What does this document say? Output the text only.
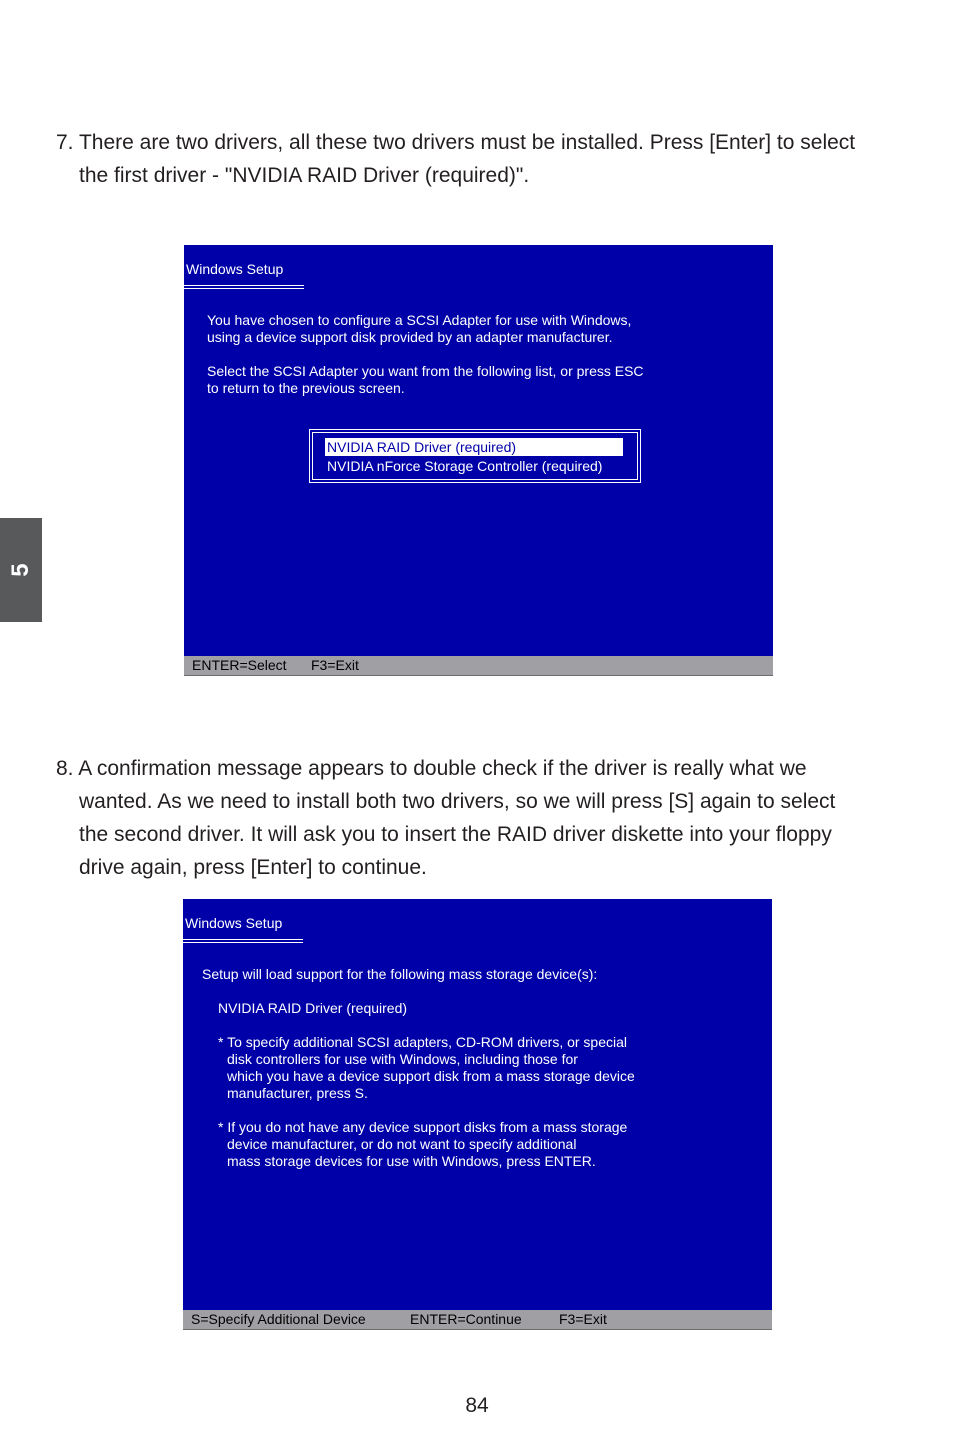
5
7. There are two drivers, all these two drivers must be installed. Press [Enter] to select
the first driver - "NVIDIA RAID Driver (required)".
Windows Setup
You have chosen to configure a SCSI Adapter for use with Windows,
using a device support disk provided by an adapter manufacturer.
Select the SCSI Adapter you want from the following list, or press ESC
to return to the previous screen.
NVIDIA RAID Driver (required)
NVIDIA nForce Storage Controller (required)
ENTER=Select F3=Exit
8. A confirmation message appears to double check if the driver is really what we
wanted. As we need to install both two drivers, so we will press [S] again to select
the second driver. It will ask you to insert the RAID driver diskette into your floppy
drive again, press [Enter] to continue.
Windows Setup
Setup will load support for the following mass storage device(s):
NVIDIA RAID Driver (required)
* To specify additional SCSI adapters, CD-ROM drivers, or special
disk controllers for use with Windows, including those for
which you have a device support disk from a mass storage device
manufacturer, press S.
* If you do not have any device support disks from a mass storage
device manufacturer, or do not want to specify additional
mass storage devices for use with Windows, press ENTER.
S=Specify Additional Device	ENTER=Continue	F3=Exit
84
